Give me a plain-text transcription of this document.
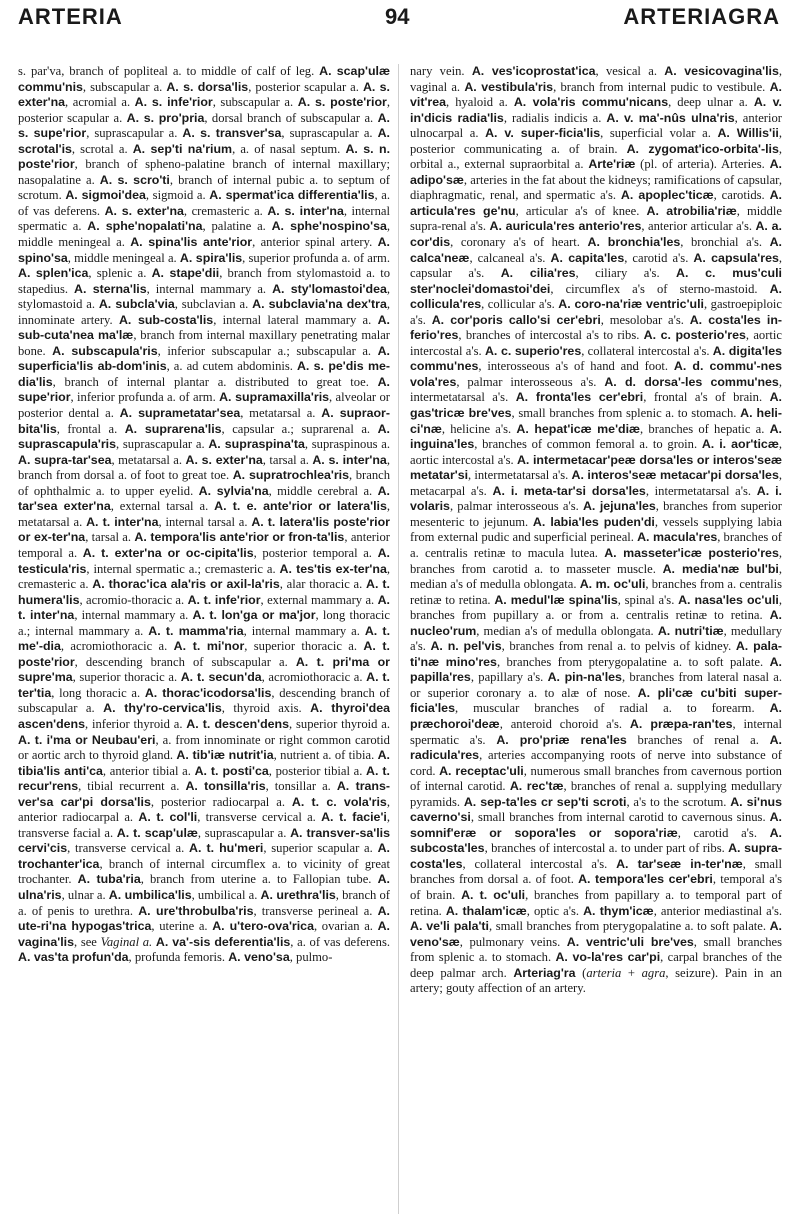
ARTERIA	94	ARTERIAGRA

s. par'va, branch of popliteal a. to middle of calf of leg. A. scap'ulæ commu'nis, subscapular a. A. s. dorsa'lis, posterior scapular a. A. s. exter'na, acromial a. A. s. infe'rior, subscapular a. A. s. poste'rior, posterior scapular a. A. s. pro'pria, dorsal branch of subscapular a. A. s. supe'rior, suprascapular a. A. s. transver'sa, suprascapular a. A. scrotal'is, scrotal a. A. sep'ti na'rium, a. of nasal septum. A. s. n. poste'rior, branch of spheno-palatine branch of internal maxillary; nasopalatine a. A. s. scro'ti, branch of internal pubic a. to septum of scrotum. A. sigmoi'dea, sigmoid a. A. spermat'ica differentia'lis, a. of vas deferens. A. s. exter'na, cremasteric a. A. s. inter'na, internal spermatic a. A. sphe'nopalati'na, palatine a. A. sphe'nospino'sa, middle meningeal a. A. spina'lis ante'rior, anterior spinal artery. A. spino'sa, middle meningeal a. A. spira'lis, superior profunda a. of arm. A. splen'ica, splenic a. A. stape'dii, branch from stylomastoid a. to stapedius. A. sterna'lis, internal mammary a. A. sty'lomastoi'dea, stylomastoid a. A. subcla'via, subclavian a. A. subclavia'na dex'tra, innominate artery. A. sub-costa'lis, internal lateral mammary a. A. sub-cuta'nea ma'læ, branch from internal maxillary penetrating malar bone. A. subscapula'ris, inferior subscapular a.; subscapular a. A. superficia'lis ab-dom'inis, a. ad cutem abdominis. A. s. pe'dis me-dia'lis, branch of internal plantar a. distributed to great toe. A. supe'rior, inferior profunda a. of arm. A. supramaxilla'ris, alveolar or posterior dental a. A. suprametatar'sea, metatarsal a. A. supraor-bita'lis, frontal a. A. suprarena'lis, capsular a.; suprarenal a. A. suprascapula'ris, suprascapular a. A. supraspina'ta, supraspinous a. A. supra-tar'sea, metatarsal a. A. s. exter'na, tarsal a. A. s. inter'na, branch from dorsal a. of foot to great toe. A. supratrochlea'ris, branch of ophthalmic a. to upper eyelid. A. sylvia'na, middle cerebral a. A. tar'sea exter'na, external tarsal a. A. t. e. ante'rior or latera'lis, metatarsal a. A. t. inter'na, internal tarsal a. A. t. latera'lis poste'rior or ex-ter'na, tarsal a. A. tempora'lis ante'rior or fron-ta'lis, anterior temporal a. A. t. exter'na or oc-cipita'lis, posterior temporal a. A. testicula'ris, internal spermatic a.; cremasteric a. A. tes'tis ex-ter'na, cremasteric a. A. thorac'ica ala'ris or axil-la'ris, alar thoracic a. A. t. humera'lis, acromio-thoracic a. A. t. infe'rior, external mammary a. A. t. inter'na, internal mammary a. A. t. lon'ga or ma'jor, long thoracic a.; internal mammary a. A. t. mamma'ria, internal mammary a. A. t. me'-dia, acromiothoracic a. A. t. mi'nor, superior thoracic a. A. t. poste'rior, descending branch of subscapular a. A. t. pri'ma or supre'ma, superior thoracic a. A. t. secun'da, acromiothoracic a. A. t. ter'tia, long thoracic a. A. thorac'icodorsa'lis, descending branch of subscapular a. A. thy'ro-cervica'lis, thyroid axis. A. thyroi'dea ascen'dens, inferior thyroid a. A. t. descen'dens, superior thyroid a. A. t. i'ma or Neubau'eri, a. from innominate or right common carotid or aortic arch to thyroid gland. A. tib'iæ nutrit'ia, nutrient a. of tibia. A. tibia'lis anti'ca, anterior tibial a. A. t. posti'ca, posterior tibial a. A. t. recur'rens, tibial recurrent a. A. tonsilla'ris, tonsillar a. A. trans-ver'sa car'pi dorsa'lis, posterior radiocarpal a. A. t. c. vola'ris, anterior radiocarpal a. A. t. col'li, transverse cervical a. A. t. facie'i, transverse facial a. A. t. scap'ulæ, suprascapular a. A. transver-sa'lis cervi'cis, transverse cervical a. A. t. hu'meri, superior scapular a. A. trochanter'ica, branch of internal circumflex a. to vicinity of great trochanter. A. tuba'ria, branch from uterine a. to Fallopian tube. A. ulna'ris, ulnar a. A. umbilica'lis, umbilical a. A. urethra'lis, branch of a. of penis to urethra. A. ure'throbulba'ris, transverse perineal a. A. ute-ri'na hypogas'trica, uterine a. A. u'tero-ova'rica, ovarian a. A. vagina'lis, see Vaginal a. A. va'-sis deferentia'lis, a. of vas deferens. A. vas'ta profun'da, profunda femoris. A. veno'sa, pulmo-

nary vein. A. ves'icoprostat'ica, vesical a. A. vesicovagina'lis, vaginal a. A. vestibula'ris, branch from internal pudic to vestibule. A. vit'rea, hyaloid a. A. vola'ris commu'nicans, deep ulnar a. A. v. in'dicis radia'lis, radialis indicis a. A. v. ma'-nûs ulna'ris, anterior ulnocarpal a. A. v. super-ficia'lis, superficial volar a. A. Willis'ii, posterior communicating a. of brain. A. zygomat'ico-orbita'-lis, orbital a., external supraorbital a. Arte'riæ (pl. of arteria). Arteries. A. adipo'sæ, arteries in the fat about the kidneys; ramifications of capsular, diaphragmatic, renal, and spermatic a's. A. apoplec'ticæ, carotids. A. articula'res ge'nu, articular a's of knee. A. atrobilia'riæ, middle supra-renal a's. A. auricula'res anterio'res, anterior articular a's. A. a. cor'dis, coronary a's of heart. A. bronchia'les, bronchial a's. A. calca'neæ, calcaneal a's. A. capita'les, carotid a's. A. capsula'res, capsular a's. A. cilia'res, ciliary a's. A. c. mus'culi ster'noclei'domastoi'dei, circumflex a's of sterno-mastoid. A. collicula'res, collicular a's. A. coro-na'riæ ventric'uli, gastroepiploic a's. A. cor'poris callo'si cer'ebri, mesolobar a's. A. costa'les in-ferio'res, branches of intercostal a's to ribs. A. c. posterio'res, aortic intercostal a's. A. c. superio'res, collateral intercostal a's. A. digita'les commu'nes, interosseous a's of hand and foot. A. d. commu'-nes vola'res, palmar interosseous a's. A. d. dorsa'-les commu'nes, intermetatarsal a's. A. fronta'les cer'ebri, frontal a's of brain. A. gas'tricæ bre'ves, small branches from splenic a. to stomach. A. heli-ci'næ, helicine a's. A. hepat'icæ me'diæ, branches of hepatic a. A. inguina'les, branches of common femoral a. to groin. A. i. aor'ticæ, aortic intercostal a's. A. intermetacar'peæ dorsa'les or interos'seæ metatar'si, intermetatarsal a's. A. interos'seæ metacar'pi dorsa'les, metacarpal a's. A. i. meta-tar'si dorsa'les, intermetatarsal a's. A. i. volaris, palmar interosseous a's. A. jejuna'les, branches from superior mesenteric to jejunum. A. labia'les puden'di, vessels supplying labia from external pudic and superficial perineal. A. macula'res, branches of a. centralis retinæ to macula lutea. A. masseter'icæ posterio'res, branches from carotid a. to masseter muscle. A. media'næ bul'bi, median a's of medulla oblongata. A. m. oc'uli, branches from a. centralis retinæ to retina. A. medul'læ spina'lis, spinal a's. A. nasa'les oc'uli, branches from pupillary a. or from a. centralis retinæ to retina. A. nucleo'rum, median a's of medulla oblongata. A. nutri'tiæ, medullary a's. A. n. pel'vis, branches from renal a. to pelvis of kidney. A. pala-ti'næ mino'res, branches from pterygopalatine a. to soft palate. A. papilla'res, papillary a's. A. pin-na'les, branches from lateral nasal a. or superior coronary a. to alæ of nose. A. pli'cæ cu'biti super-ficia'les, muscular branches of radial a. to forearm. A. præchoroi'deæ, anteroid choroid a's. A. præpa-ran'tes, internal spermatic a's. A. pro'priæ rena'les branches of renal a. A. radicula'res, arteries accompanying roots of nerve into substance of cord. A. receptac'uli, numerous small branches from cavernous portion of internal carotid. A. rec'tæ, branches of renal a. supplying medullary pyramids. A. sep-ta'les cr sep'ti scroti, a's to the scrotum. A. si'nus caverno'si, small branches from internal carotid to cavernous sinus. A. somnif'eræ or sopora'les or sopora'riæ, carotid a's. A. subcosta'les, branches of intercostal a. to under part of ribs. A. supra-costa'les, collateral intercostal a's. A. tar'seæ in-ter'næ, small branches from dorsal a. of foot. A. tempora'les cer'ebri, temporal a's of brain. A. t. oc'uli, branches from papillary a. to temporal part of retina. A. thalam'icæ, optic a's. A. thym'icæ, anterior mediastinal a's. A. ve'li pala'ti, small branches from pterygopalatine a. to soft palate. A. veno'sæ, pulmonary veins. A. ventric'uli bre'ves, small branches from splenic a. to stomach. A. vo-la'res car'pi, carpal branches of the deep palmar arch. Arteriag'ra (arteria + agra, seizure). Pain in an artery; gouty affection of an artery.
